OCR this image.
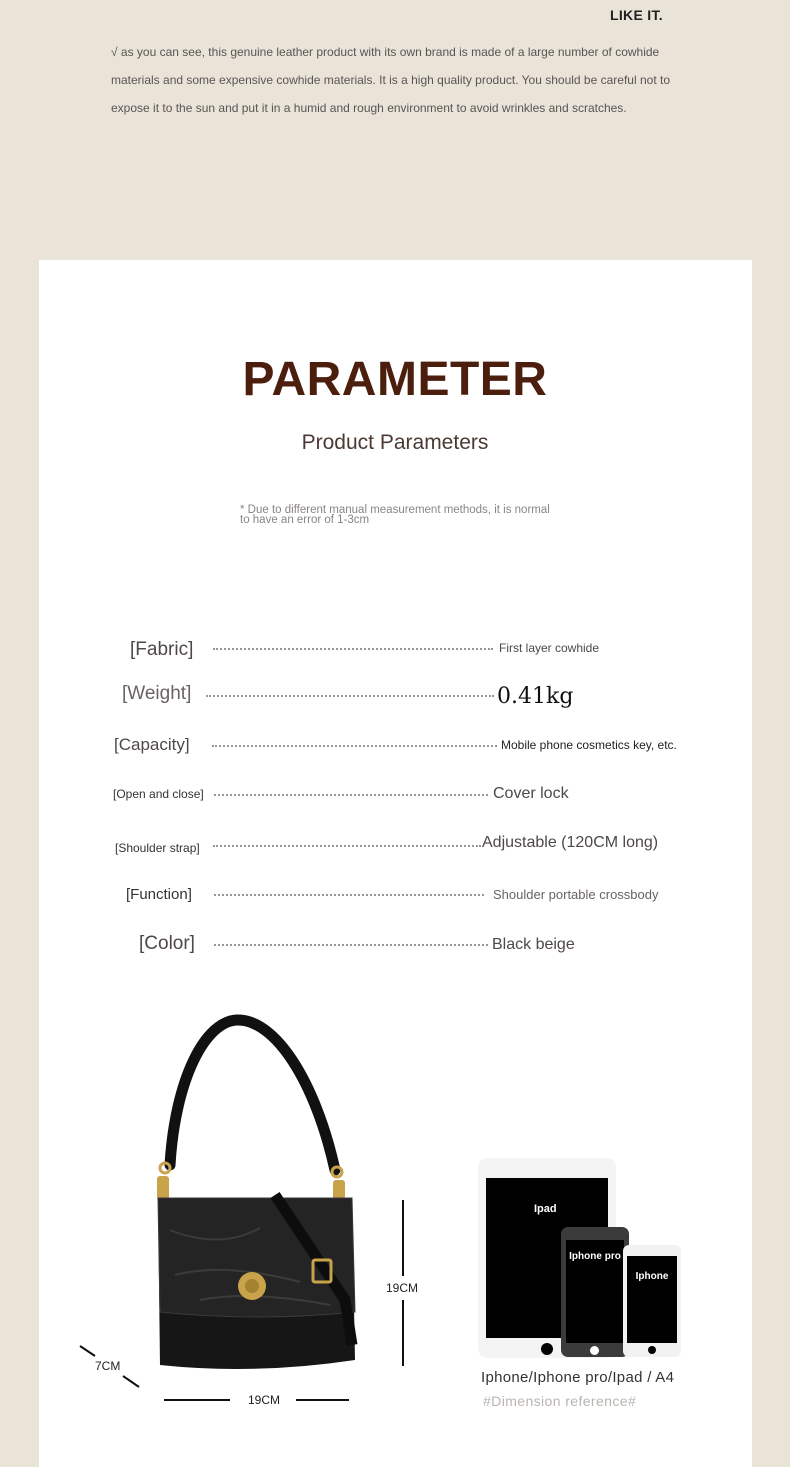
LIKE IT.

√ as you can see, this genuine leather product with its own brand is made of a large number of cowhide materials and some expensive cowhide materials. It is a high quality product. You should be careful not to expose it to the sun and put it in a humid and rough environment to avoid wrinkles and scratches.

PARAMETER
Product Parameters

* Due to different manual measurement methods, it is normal
to have an error of 1-3cm

[Fabric]	First layer cowhide
[Weight]	0.41kg
[Capacity]	Mobile phone cosmetics key, etc.
[Open and close]	Cover lock
[Shoulder strap]	Adjustable (120CM long)
[Function]	Shoulder portable crossbody
[Color]	Black beige
7CM
19CM
19CM
Ipad
Iphone pro
Iphone
Iphone/Iphone pro/Ipad / A4
#Dimension reference#
